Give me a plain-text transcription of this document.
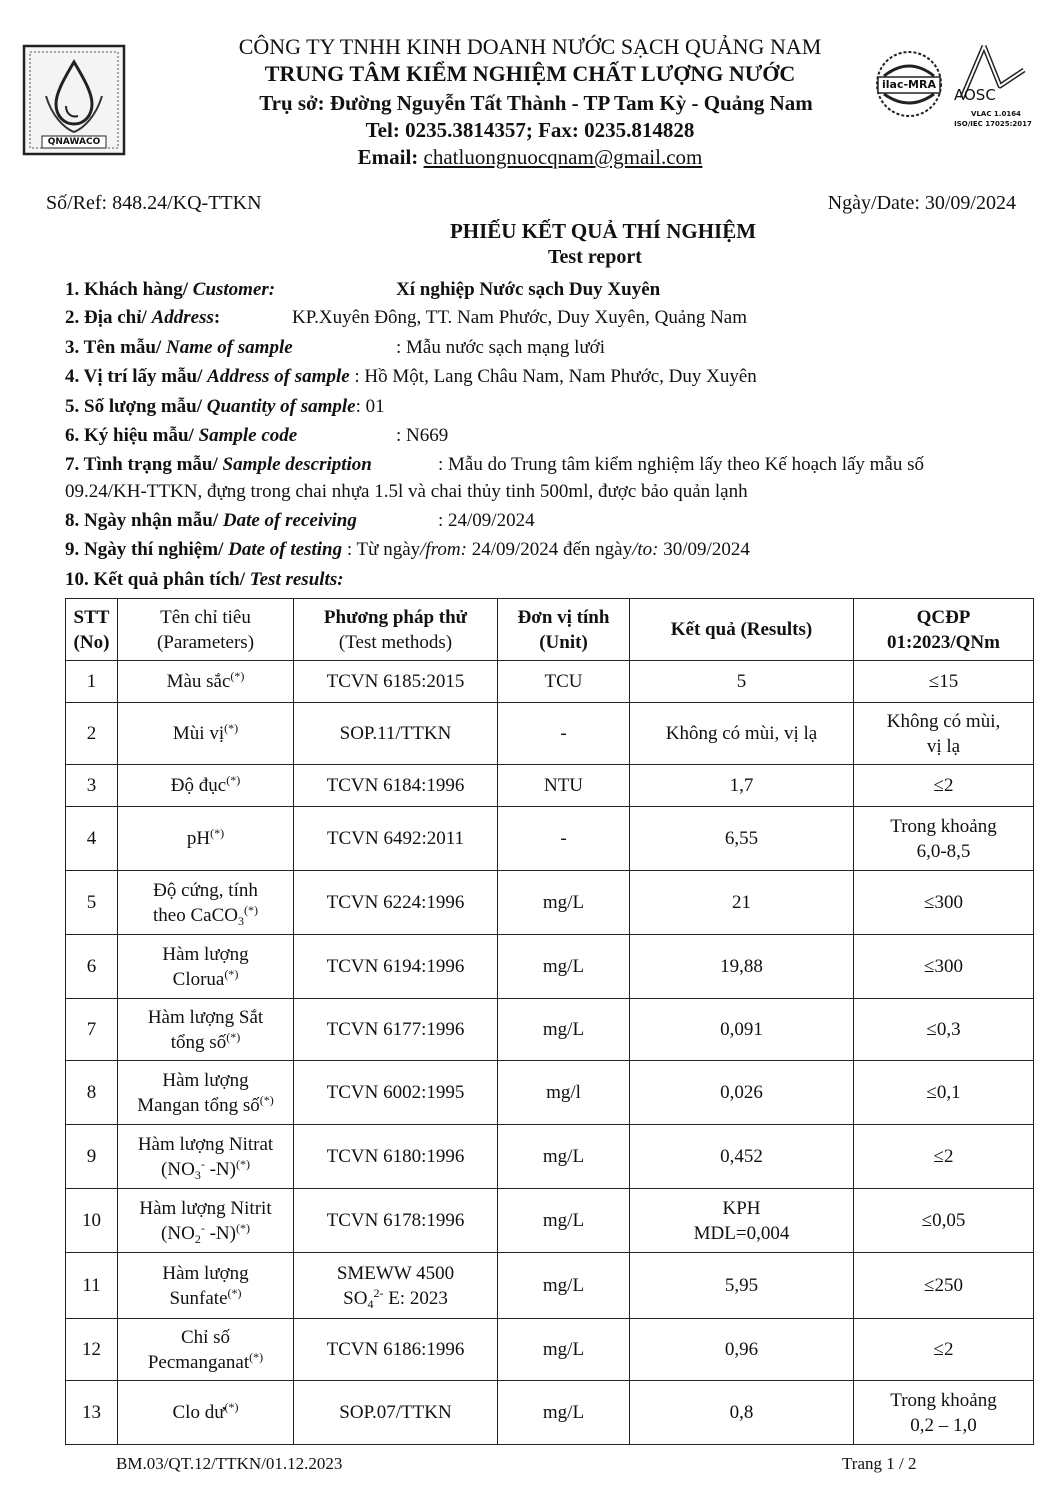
QNAWACO
ilac-MRA
AOSC
VLAC 1.0164
ISO/IEC 17025:2017
CÔNG TY TNHH KINH DOANH NƯỚC SẠCH QUẢNG NAM
TRUNG TÂM KIỂM NGHIỆM CHẤT LƯỢNG NƯỚC
Trụ sở: Đường Nguyễn Tất Thành - TP Tam Kỳ - Quảng Nam
Tel: 0235.3814357; Fax: 0235.814828
Email: chatluongnuocqnam@gmail.com
Số/Ref: 848.24/KQ-TTKN	Ngày/Date: 30/09/2024
PHIẾU KẾT QUẢ THÍ NGHIỆM
Test report
1. Khách hàng/ Customer:	Xí nghiệp Nước sạch Duy Xuyên
2. Địa chỉ/ Address:	KP.Xuyên Đông, TT. Nam Phước, Duy Xuyên, Quảng Nam
3. Tên mẫu/ Name of sample	: Mẫu nước sạch mạng lưới
4. Vị trí lấy mẫu/ Address of sample : Hồ Một, Lang Châu Nam, Nam Phước, Duy Xuyên
5. Số lượng mẫu/ Quantity of sample: 01
6. Ký hiệu mẫu/ Sample code	: N669
7. Tình trạng mẫu/ Sample description	: Mẫu do Trung tâm kiểm nghiệm lấy theo Kế hoạch lấy mẫu số
09.24/KH-TTKN, đựng trong chai nhựa 1.5l và chai thủy tinh 500ml, được bảo quản lạnh
8. Ngày nhận mẫu/ Date of receiving	: 24/09/2024
9. Ngày thí nghiệm/ Date of testing : Từ ngày/from: 24/09/2024 đến ngày/to: 30/09/2024
10. Kết quả phân tích/ Test results:
STT
(No)	Tên chỉ tiêu
(Parameters)	Phương pháp thử
(Test methods)	Đơn vị tính
(Unit)	Kết quả (Results)	QCĐP
01:2023/QNm
1	Màu sắc(*)	TCVN 6185:2015	TCU	5	≤15
2	Mùi vị(*)	SOP.11/TTKN	-	Không có mùi, vị lạ	Không có mùi,
vị lạ
3	Độ đục(*)	TCVN 6184:1996	NTU	1,7	≤2
4	pH(*)	TCVN 6492:2011	-	6,55	Trong khoảng
6,0-8,5
5	Độ cứng, tính
theo CaCO$_3$(*)	TCVN 6224:1996	mg/L	21	≤300
6	Hàm lượng
Clorua(*)	TCVN 6194:1996	mg/L	19,88	≤300
7	Hàm lượng Sắt
tổng số(*)	TCVN 6177:1996	mg/L	0,091	≤0,3
8	Hàm lượng
Mangan tổng số(*)	TCVN 6002:1995	mg/l	0,026	≤0,1
9	Hàm lượng Nitrat
($NO_3^-$ -N)(*)	TCVN 6180:1996	mg/L	0,452	≤2
10	Hàm lượng Nitrit
($NO_2^-$ -N)(*)	TCVN 6178:1996	mg/L	KPH
MDL=0,004	≤0,05
11	Hàm lượng
Sunfate(*)	SMEWW 4500
$SO_4^{2-}$ E: 2023	mg/L	5,95	≤250
12	Chỉ số
Pecmanganat(*)	TCVN 6186:1996	mg/L	0,96	≤2
13	Clo dư(*)	SOP.07/TTKN	mg/L	0,8	Trong khoảng
0,2 – 1,0
BM.03/QT.12/TTKN/01.12.2023	Trang 1 / 2
